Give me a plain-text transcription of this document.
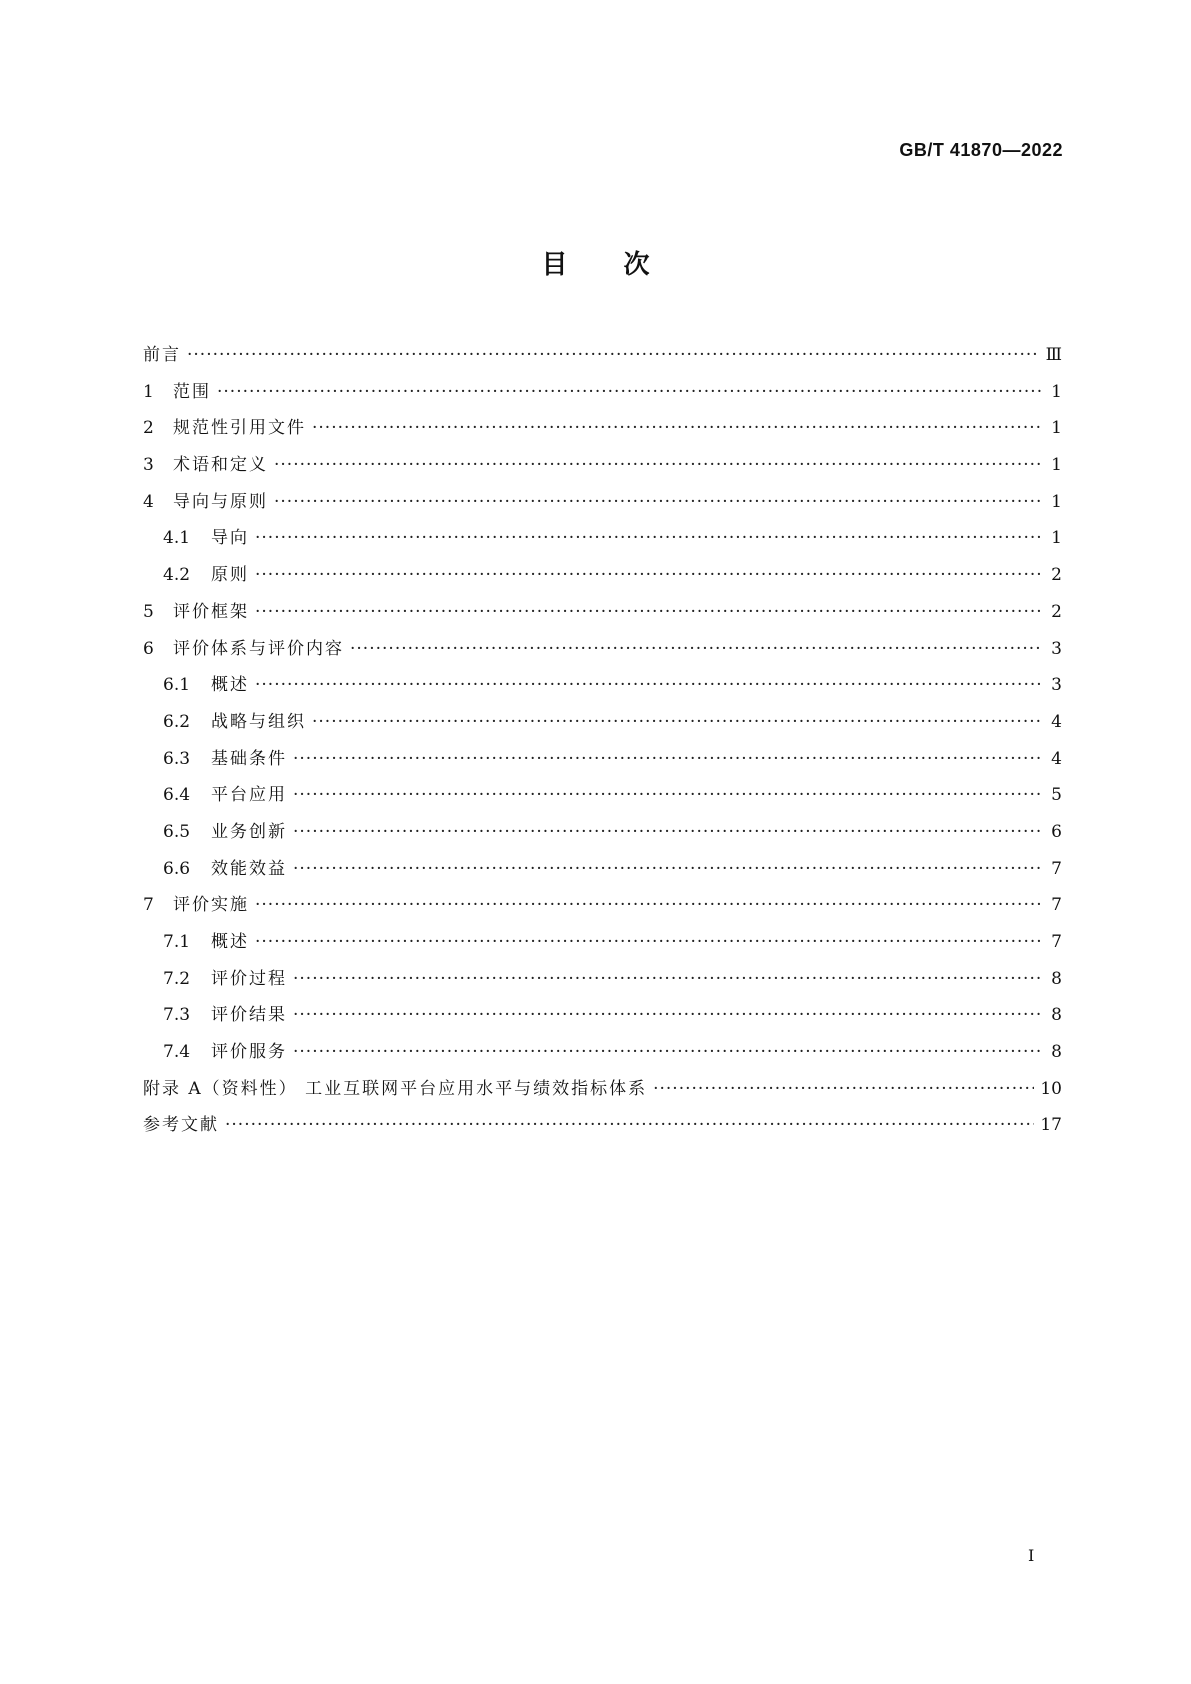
GB/T 41870—2022
目 次
前言 ·····	Ⅲ
1	范围 ·····	1
2	规范性引用文件 ·····	1
3	术语和定义 ·····	1
4	导向与原则 ·····	1
4.1	导向 ·····	1
4.2	原则 ·····	2
5	评价框架 ·····	2
6	评价体系与评价内容 ·····	3
6.1	概述 ·····	3
6.2	战略与组织 ·····	4
6.3	基础条件 ·····	4
6.4	平台应用 ·····	5
6.5	业务创新 ·····	6
6.6	效能效益 ·····	7
7	评价实施 ·····	7
7.1	概述 ·····	7
7.2	评价过程 ·····	8
7.3	评价结果 ·····	8
7.4	评价服务 ·····	8
附录 A（资料性） 工业互联网平台应用水平与绩效指标体系 ·····	10
参考文献 ·····	17
I
